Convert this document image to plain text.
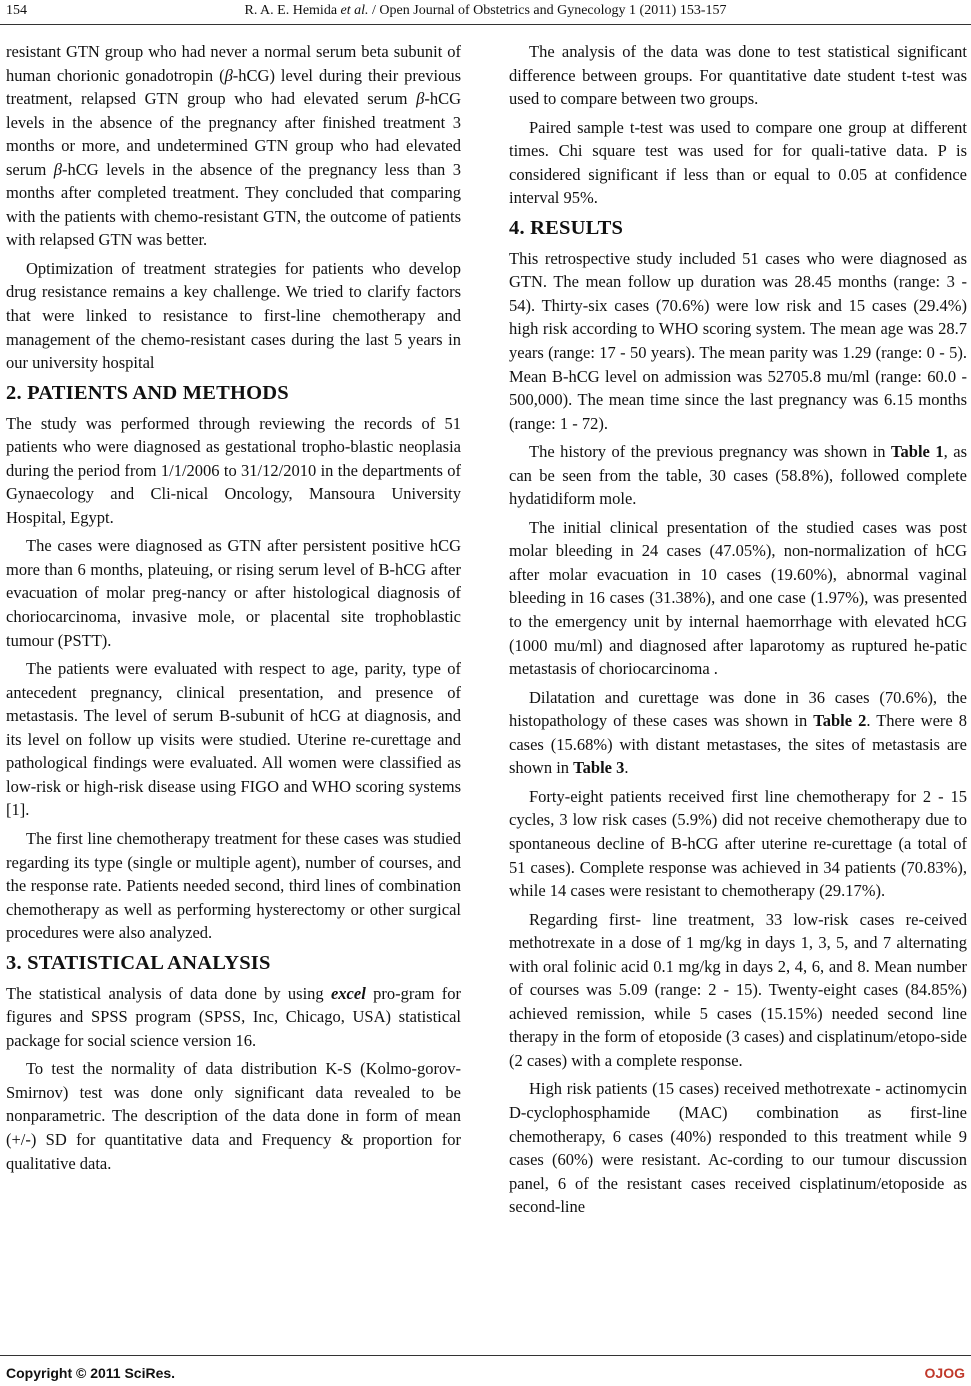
154	R. A. E. Hemida et al. / Open Journal of Obstetrics and Gynecology 1 (2011) 153-157

resistant GTN group who had never a normal serum beta subunit of human chorionic gonadotropin (β-hCG) level during their previous treatment, relapsed GTN group who had elevated serum β-hCG levels in the absence of the pregnancy after finished treatment 3 months or more, and undetermined GTN group who had elevated serum β-hCG levels in the absence of the pregnancy less than 3 months after completed treatment. They concluded that comparing with the patients with chemo-resistant GTN, the outcome of patients with relapsed GTN was better.

Optimization of treatment strategies for patients who develop drug resistance remains a key challenge. We tried to clarify factors that were linked to resistance to first-line chemotherapy and management of the chemo-resistant cases during the last 5 years in our university hospital

2. PATIENTS AND METHODS

The study was performed through reviewing the records of 51 patients who were diagnosed as gestational tropho-blastic neoplasia during the period from 1/1/2006 to 31/12/2010 in the departments of Gynaecology and Cli-nical Oncology, Mansoura University Hospital, Egypt.

The cases were diagnosed as GTN after persistent positive hCG more than 6 months, plateuing, or rising serum level of B-hCG after evacuation of molar preg-nancy or after histological diagnosis of choriocarcinoma, invasive mole, or placental site trophoblastic tumour (PSTT).

The patients were evaluated with respect to age, parity, type of antecedent pregnancy, clinical presentation, and presence of metastasis. The level of serum B-subunit of hCG at diagnosis, and its level on follow up visits were studied. Uterine re-curettage and pathological findings were evaluated. All women were classified as low-risk or high-risk disease using FIGO and WHO scoring systems [1].

The first line chemotherapy treatment for these cases was studied regarding its type (single or multiple agent), number of courses, and the response rate. Patients needed second, third lines of combination chemotherapy as well as performing hysterectomy or other surgical procedures were also analyzed.

3. STATISTICAL ANALYSIS

The statistical analysis of data done by using excel pro-gram for figures and SPSS program (SPSS, Inc, Chicago, USA) statistical package for social science version 16.

To test the normality of data distribution K-S (Kolmo-gorov-Smirnov) test was done only significant data revealed to be nonparametric. The description of the data done in form of mean (+/-) SD for quantitative data and Frequency & proportion for qualitative data.

The analysis of the data was done to test statistical significant difference between groups. For quantitative date student t-test was used to compare between two groups.

Paired sample t-test was used to compare one group at different times. Chi square test was used for for quali-tative data. P is considered significant if less than or equal to 0.05 at confidence interval 95%.

4. RESULTS

This retrospective study included 51 cases who were diagnosed as GTN. The mean follow up duration was 28.45 months (range: 3 - 54). Thirty-six cases (70.6%) were low risk and 15 cases (29.4%) high risk according to WHO scoring system. The mean age was 28.7 years (range: 17 - 50 years). The mean parity was 1.29 (range: 0 - 5). Mean B-hCG level on admission was 52705.8 mu/ml (range: 60.0 - 500,000). The mean time since the last pregnancy was 6.15 months (range: 1 - 72).

The history of the previous pregnancy was shown in Table 1, as can be seen from the table, 30 cases (58.8%), followed complete hydatidiform mole.

The initial clinical presentation of the studied cases was post molar bleeding in 24 cases (47.05%), non-normalization of hCG after molar evacuation in 10 cases (19.60%), abnormal vaginal bleeding in 16 cases (31.38%), and one case (1.97%), was presented to the emergency unit by internal haemorrhage with elevated hCG (1000 mu/ml) and diagnosed after laparotomy as ruptured he-patic metastasis of choriocarcinoma .

Dilatation and curettage was done in 36 cases (70.6%), the histopathology of these cases was shown in Table 2. There were 8 cases (15.68%) with distant metastases, the sites of metastasis are shown in Table 3.

Forty-eight patients received first line chemotherapy for 2 - 15 cycles, 3 low risk cases (5.9%) did not receive chemotherapy due to spontaneous decline of B-hCG after uterine re-curettage (a total of 51 cases). Complete response was achieved in 34 patients (70.83%), while 14 cases were resistant to chemotherapy (29.17%).

Regarding first- line treatment, 33 low-risk cases re-ceived methotrexate in a dose of 1 mg/kg in days 1, 3, 5, and 7 alternating with oral folinic acid 0.1 mg/kg in days 2, 4, 6, and 8. Mean number of courses was 5.09 (range: 2 - 15). Twenty-eight cases (84.85%) achieved remission, while 5 cases (15.15%) needed second line therapy in the form of etoposide (3 cases) and cisplatinum/etopo-side (2 cases) with a complete response.

High risk patients (15 cases) received methotrexate - actinomycin D-cyclophosphamide (MAC) combination as first-line chemotherapy, 6 cases (40%) responded to this treatment while 9 cases (60%) were resistant. Ac-cording to our tumour discussion panel, 6 of the resistant cases received cisplatinum/etoposide as second-line

Copyright © 2011 SciRes.	OJOG
